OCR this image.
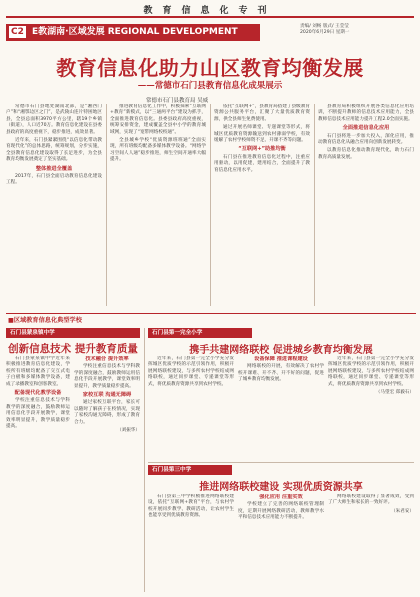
教育信息化专刊
C2 E教湖南·区域发展 REGIONAL DEVELOPMENT
责编/ 刘畅 版式/ 王莹莹
2020年6月29日 星期一
教育信息化助力山区教育均衡发展
——常德市石门县教育信息化成果展示
常德市石门县教育局 吴威

常德市石门县地处湖南北部，是“湘西门户”和“湘鄂边区之门”，是武陵山连片特困地区县，全县总面积3970平方公里，辖19个乡镇（街道），人口近70万。教育信息化建设在县委县政府的高度重视下，稳步推进，成效显著。

近年来，石门县紧紧围绕“以信息化带动教育现代化”的总体思路，统筹规划，分步实施，全县教育信息化建设取得了长足进步，为全县教育均衡发展奠定了坚实基础。

整体推进全覆盖

2017年，石门县全面启动教育信息化建设工程。

推进教育信息化工作中，积极探索“互联网+教育”新模式，以“三通两平台”建设为抓手，全面推进教育信息化。县委县政府高度重视，统筹安排资金，建成覆盖全县中小学的教育城域网，实现了“宽带网络校校通”。

全县城乡学校“优质资源班班通”全面实现，所有班级均配备多媒体教学设备。“网络学习空间人人通”稳步推进，师生空间开通率大幅提升。

依托“互联网+”，县教育局搭建了县级教育资源公共服务平台，汇聚了大量优质教育资源，供全县师生免费使用。

通过开展名师课堂、专递课堂等形式，将城区优质教育资源输送到农村薄弱学校，有效缓解了农村学校师资不足、开课不齐等问题。

“互联网+”助推均衡

石门县在推进教育信息化过程中，注重应用驱动，以用促建，建用结合，全面提升了教育信息化应用水平。

县教育局积极组织开展各类信息化应用培训，不断提升教师的信息技术应用能力，全县教师信息技术应用能力提升工程2.0全面实施。

全面推进信息化应用

石门县将进一步加大投入，深化应用，推动教育信息化从融合应用向创新发展转变。

以教育信息化推动教育现代化，助力石门教育高质量发展。

■区域教育信息化典型学校
石门县蒙泉镇中学
创新信息技术 提升教育质量

石门县蒙泉镇中学近年来积极推进教育信息化建设，学校所有班级均配备了交互式电子白板和多媒体教学设备，建成了录播教室和创客教室。

配备现代化教学设备

学校注重信息技术与学科教学的深度融合，鼓励教师运用信息化手段开展教学，课堂效率明显提升，教学质量稳步提高。

技术融合 提升效率

学校注重信息技术与学科教学的深度融合，鼓励教师运用信息化手段开展教学，课堂效率明显提升，教学质量稳步提高。

家校互联 沟通无障碍

通过家校互联平台，家长可以随时了解孩子在校情况，实现了家校沟通无障碍，形成了教育合力。

（刘振华）

石门县第一完全小学
携手共建网络联校 促进城乡教育均衡发展

近年来，石门县第一完全小学充分发挥城区优质学校的示范引领作用，积极开展网络联校建设，与多所农村学校结成网络联校，通过同步课堂、专递课堂等形式，将优质教育资源共享到农村学校。

设备保障 推进课程建设

网络联校的开展，有效解决了农村学校开课难、开不齐、开不好的问题，促进了城乡教育均衡发展。

近年来，石门县第一完全小学充分发挥城区优质学校的示范引领作用，积极开展网络联校建设，与多所农村学校结成网络联校，通过同步课堂、专递课堂等形式，将优质教育资源共享到农村学校。

（马望宏 郑毅石）

石门县第三中学
推进网络联校建设 实现优质资源共享

石门县第三中学积极推进网络联校建设，依托“互联网+教育”平台，与农村学校开展同步教学、教研活动，让农村学生也能享受到优质教育资源。

强化应用 注重实效

学校建立了完善的网络联校管理制度，定期开展网络教研活动，教师教学水平和信息技术应用能力不断提升。

网络联校建设取得了显著成效，受到了广大师生和家长的一致好评。

（朱君安）
